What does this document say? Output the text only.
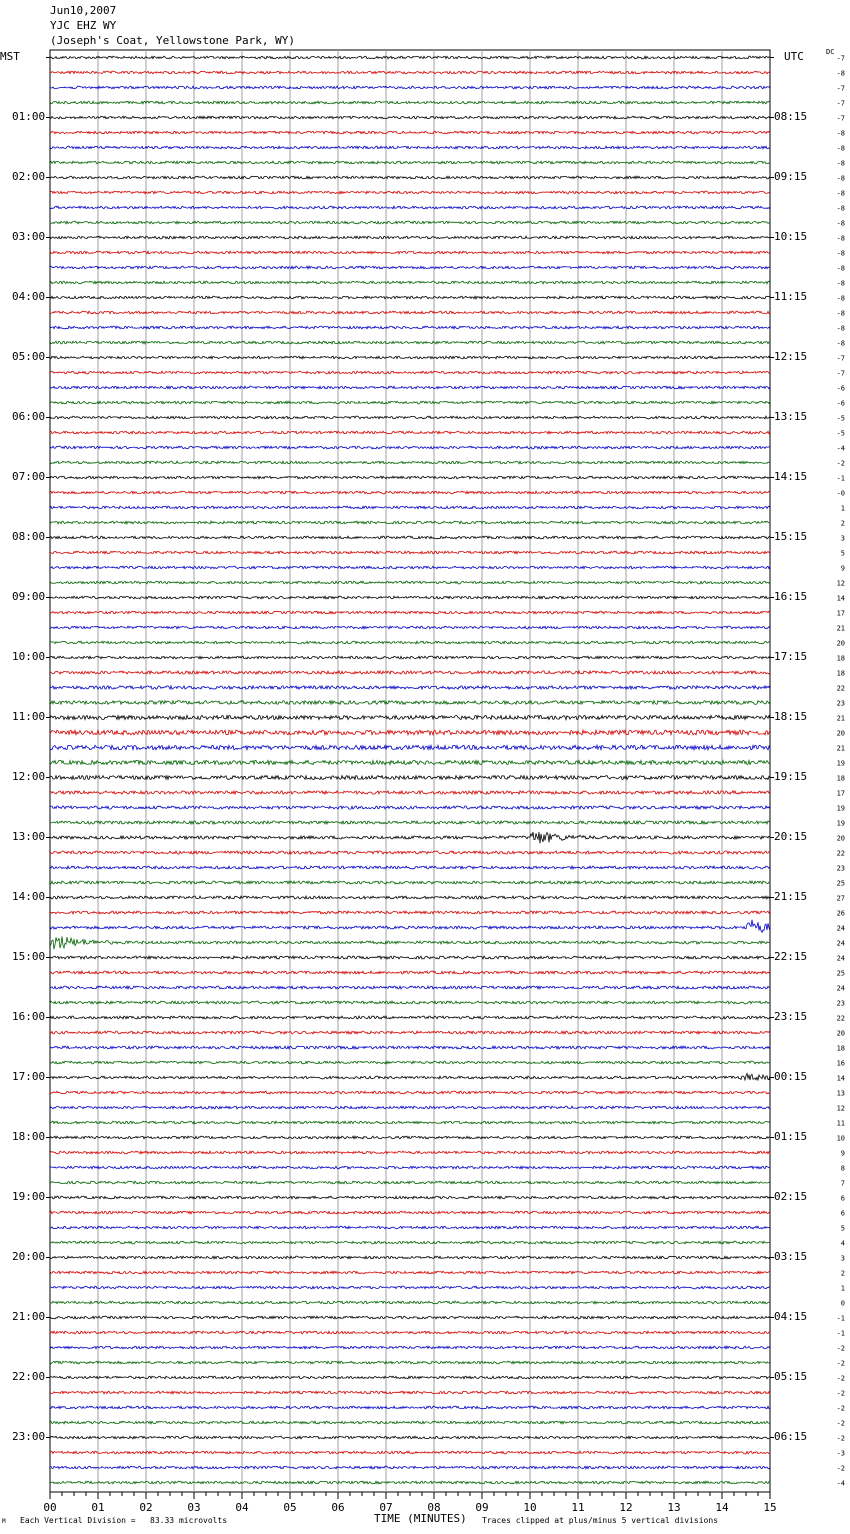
Jun10,2007
YJC EHZ WY
(Joseph's Coat, Yellowstone Park, WY)
MST	UTC	DC
00	01	02	03	04	05	06	07	08	09	10	11	12	13	14	15
-7
-8
-7
-7
-7
-8
-8
-8
-8
-8
-8
-8
-8
-8
-8
-8
-8
-8
-8
-8
-7
-7
-6
-6
-5
-5
-4
-2
-1
-0
1
2
3
5
9
12
14
17
21
20
18
18
22
23
21
20
21
19
18
17
19
19
20
22
23
25
27
26
24
24
24
25
24
23
22
20
18
16
14
13
12
11
10
9
8
7
6
6
5
4
3
2
1
0
-1
-1
-2
-2
-2
-2
-2
-2
-2
-3
-2
-4
01:00	08:15
02:00	09:15
03:00	10:15
04:00	11:15
05:00	12:15
06:00	13:15
07:00	14:15
08:00	15:15
09:00	16:15
10:00	17:15
11:00	18:15
12:00	19:15
13:00	20:15
14:00	21:15
15:00	22:15
16:00	23:15
17:00	00:15
18:00	01:15
19:00	02:15
20:00	03:15
21:00	04:15
22:00	05:15
23:00	06:15
TIME (MINUTES)
Each Vertical Division =   83.33 microvolts	Traces clipped at plus/minus 5 vertical divisions
M
